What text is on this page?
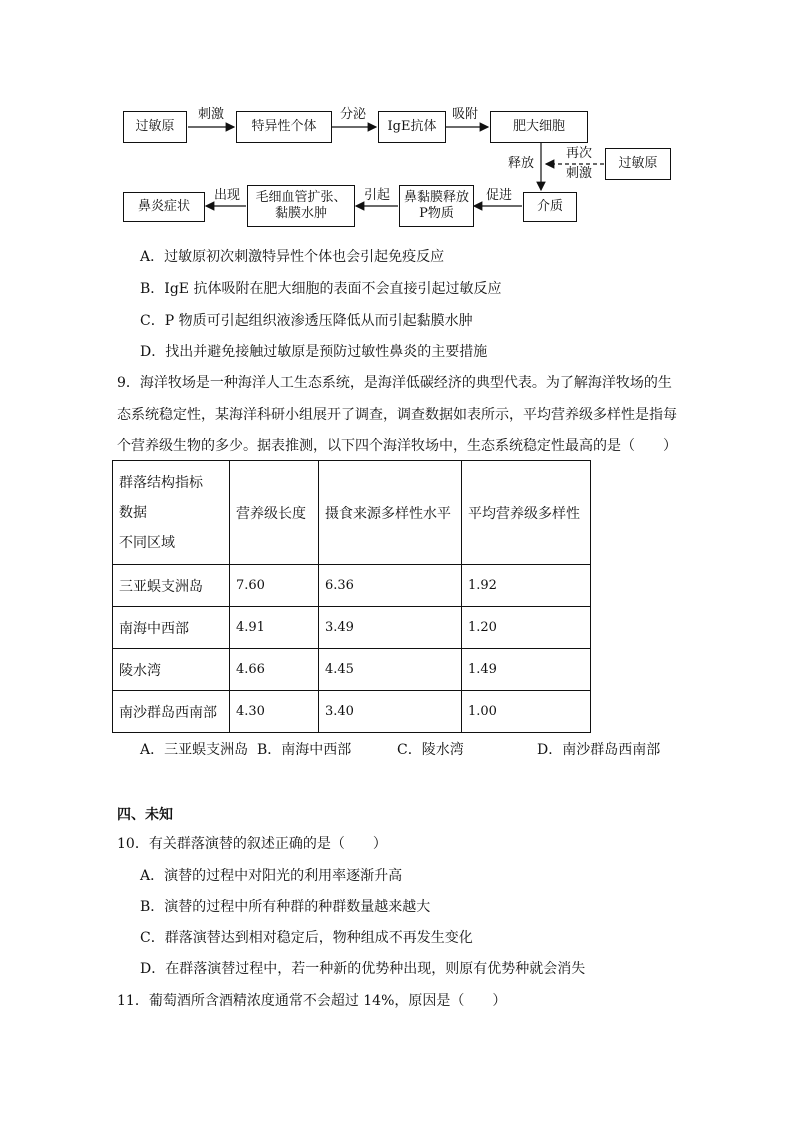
过敏原	特异性个体	IgE抗体	肥大细胞
过敏原
介质
鼻黏膜释放P物质
毛细血管扩张、黏膜水肿
鼻炎症状
刺激	分泌	吸附
释放
再次
刺激
促进
引起
出现
A．过敏原初次刺激特异性个体也会引起免疫反应
B．IgE 抗体吸附在肥大细胞的表面不会直接引起过敏反应
C．P 物质可引起组织液渗透压降低从而引起黏膜水肿
D．找出并避免接触过敏原是预防过敏性鼻炎的主要措施
9．海洋牧场是一种海洋人工生态系统，是海洋低碳经济的典型代表。为了解海洋牧场的生
态系统稳定性，某海洋科研小组展开了调查，调查数据如表所示，平均营养级多样性是指每
个营养级生物的多少。据表推测，以下四个海洋牧场中，生态系统稳定性最高的是（　　）
群落结构指标
数据
不同区域	营养级长度	摄食来源多样性水平	平均营养级多样性
三亚蜈支洲岛	7.60	6.36	1.92
南海中西部	4.91	3.49	1.20
陵水湾	4.66	4.45	1.49
南沙群岛西南部	4.30	3.40	1.00
A．三亚蜈支洲岛 B．南海中西部	C．陵水湾	D．南沙群岛西南部
四、未知
10．有关群落演替的叙述正确的是（　　）
A．演替的过程中对阳光的利用率逐渐升高
B．演替的过程中所有种群的种群数量越来越大
C．群落演替达到相对稳定后，物种组成不再发生变化
D．在群落演替过程中，若一种新的优势种出现，则原有优势种就会消失
11．葡萄酒所含酒精浓度通常不会超过 14%，原因是（　　）
